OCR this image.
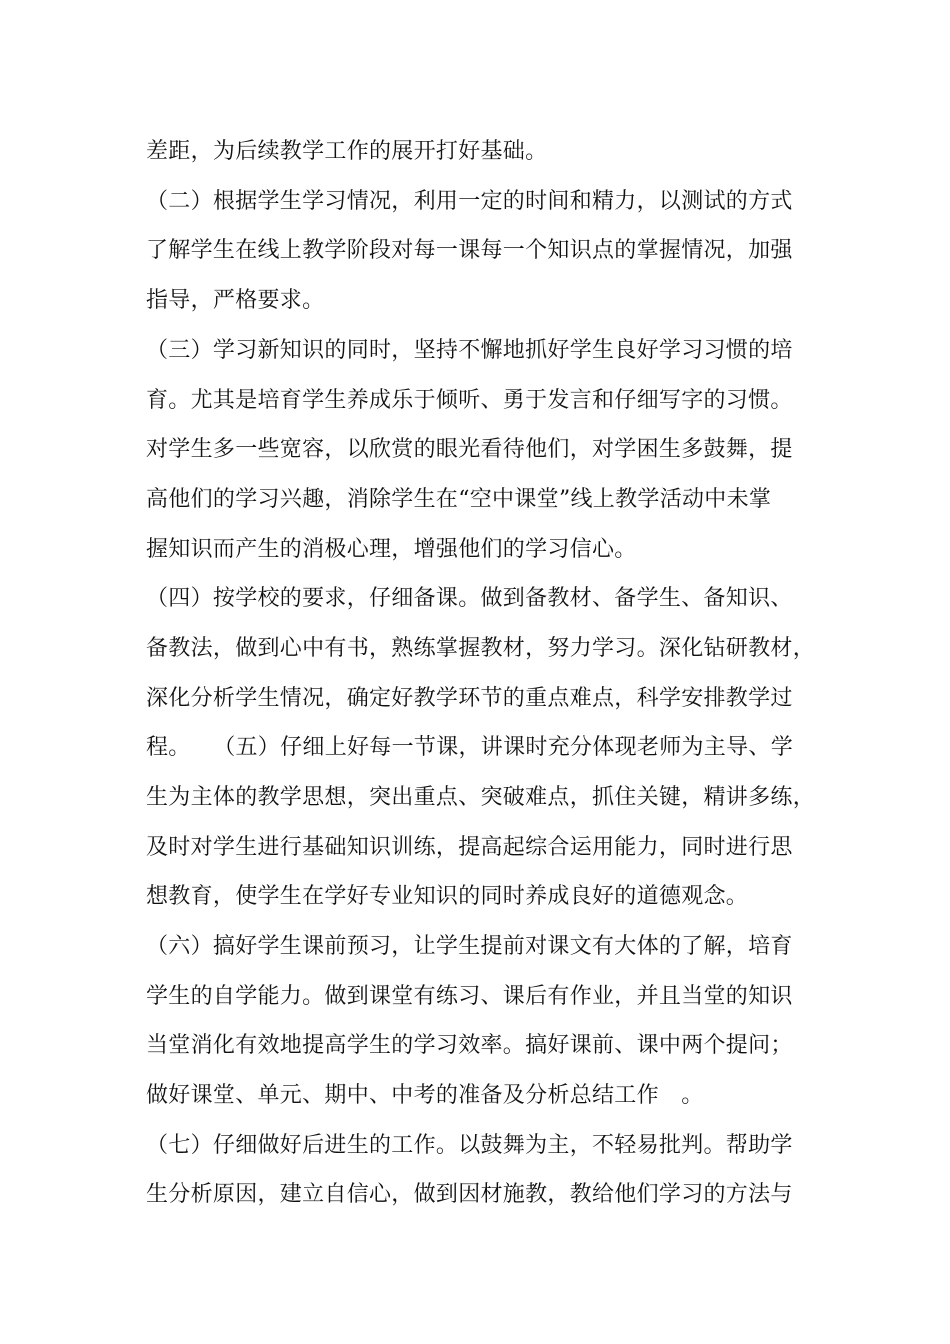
差距，为后续教学工作的展开打好基础。
（二）根据学生学习情况，利用一定的时间和精力，以测试的方式
了解学生在线上教学阶段对每一课每一个知识点的掌握情况，加强
指导，严格要求。
（三）学习新知识的同时，坚持不懈地抓好学生良好学习习惯的培
育。尤其是培育学生养成乐于倾听、勇于发言和仔细写字的习惯。
对学生多一些宽容，以欣赏的眼光看待他们，对学困生多鼓舞，提
高他们的学习兴趣，消除学生在“空中课堂”线上教学活动中未掌
握知识而产生的消极心理，增强他们的学习信心。
（四）按学校的要求，仔细备课。做到备教材、备学生、备知识、
备教法，做到心中有书，熟练掌握教材，努力学习。深化钻研教材，
深化分析学生情况，确定好教学环节的重点难点，科学安排教学过
程。　　（五）仔细上好每一节课，讲课时充分体现老师为主导、学
生为主体的教学思想，突出重点、突破难点，抓住关键，精讲多练，
及时对学生进行基础知识训练，提高起综合运用能力，同时进行思
想教育，使学生在学好专业知识的同时养成良好的道德观念。
（六）搞好学生课前预习，让学生提前对课文有大体的了解，培育
学生的自学能力。做到课堂有练习、课后有作业，并且当堂的知识
当堂消化有效地提高学生的学习效率。搞好课前、课中两个提问；
做好课堂、单元、期中、中考的准备及分析总结工作　。
（七）仔细做好后进生的工作。以鼓舞为主，不轻易批判。帮助学
生分析原因，建立自信心，做到因材施教，教给他们学习的方法与
